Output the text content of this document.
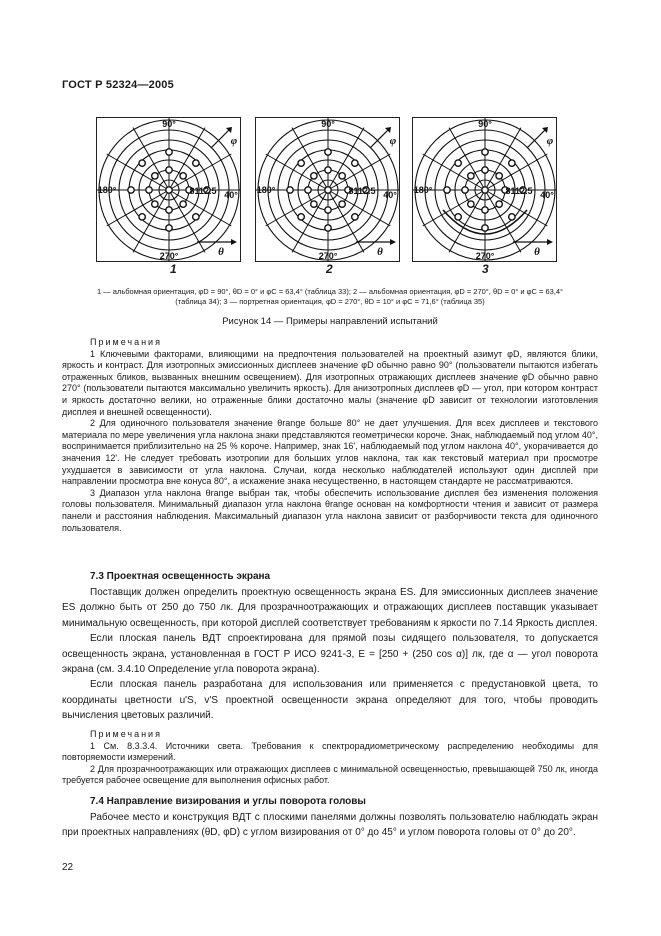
ГОСТ Р 52324—2005
90°
180°	40°
270°
8112.5
θ
φ
90°
180°	40°
270°
8112.5
θ
φ
90°
180°	40°
270°
8112.5
θ
φ
1	2	3
1 — альбомная ориентация, φD = 90°, θD = 0° и φC = 63,4° (таблица 33); 2 — альбомная ориентация, φD = 270°, θD = 0° и φC = 63,4°
(таблица 34); 3 — портретная ориентация, φD = 270°, θD = 10° и φC = 71,6° (таблица 35)
Рисунок 14 — Примеры направлений испытаний

Примечания

1 Ключевыми факторами, влияющими на предпочтения пользователей на проектный азимут φD, являются блики, яркость и контраст. Для изотропных эмиссионных дисплеев значение φD обычно равно 90° (пользователи пытаются избегать отраженных бликов, вызванных внешним освещением). Для изотропных отражающих дисплеев значение φD обычно равно 270° (пользователи пытаются максимально увеличить яркость). Для анизотропных дисплеев φD — угол, при котором контраст и яркость достаточно велики, но отраженные блики достаточно малы (значение φD зависит от технологии изготовления дисплея и внешней освещенности).

2 Для одиночного пользователя значение θrange больше 80° не дает улучшения. Для всех дисплеев и текстового материала по мере увеличения угла наклона знаки представляются геометрически короче. Знак, наблюдаемый под углом 40°, воспринимается приблизительно на 25 % короче. Например, знак 16', наблюдаемый под углом наклона 40°, укорачивается до значения 12'. Не следует требовать изотропии для больших углов наклона, так как текстовый материал при просмотре ухудшается в зависимости от угла наклона. Случаи, когда несколько наблюдателей используют один дисплей при направлении просмотра вне конуса 80°, а искажение знака несущественно, в настоящем стандарте не рассматриваются.

3 Диапазон угла наклона θrange выбран так, чтобы обеспечить использование дисплея без изменения положения головы пользователя. Минимальный диапазон угла наклона θrange основан на комфортности чтения и зависит от размера панели и расстояния наблюдения. Максимальный диапазон угла наклона зависит от разборчивости текста для одиночного пользователя.

7.3 Проектная освещенность экрана

Поставщик должен определить проектную освещенность экрана ES. Для эмиссионных дисплеев значение ES должно быть от 250 до 750 лк. Для прозрачноотражающих и отражающих дисплеев поставщик указывает минимальную освещенность, при которой дисплей соответствует требованиям к яркости по 7.14 Яркость дисплея.

Если плоская панель ВДТ спроектирована для прямой позы сидящего пользователя, то допускается освещенность экрана, установленная в ГОСТ Р ИСО 9241-3, E = [250 + (250 cos α)] лк, где α — угол поворота экрана (см. 3.4.10 Определение угла поворота экрана).

Если плоская панель разработана для использования или применяется с предустановкой цвета, то координаты цветности u'S, v'S проектной освещенности экрана определяют для того, чтобы проводить вычисления цветовых различий.

Примечания

1 См. 8.3.3.4. Источники света. Требования к спектрорадиометрическому распределению необходимы для повторяемости измерений.

2 Для прозрачноотражающих или отражающих дисплеев с минимальной освещенностью, превышающей 750 лк, иногда требуется рабочее освещение для выполнения офисных работ.

7.4 Направление визирования и углы поворота головы

Рабочее место и конструкция ВДТ с плоскими панелями должны позволять пользователю наблюдать экран при проектных направлениях (θD, φD) с углом визирования от 0° до 45° и углом поворота головы от 0° до 20°.

22
